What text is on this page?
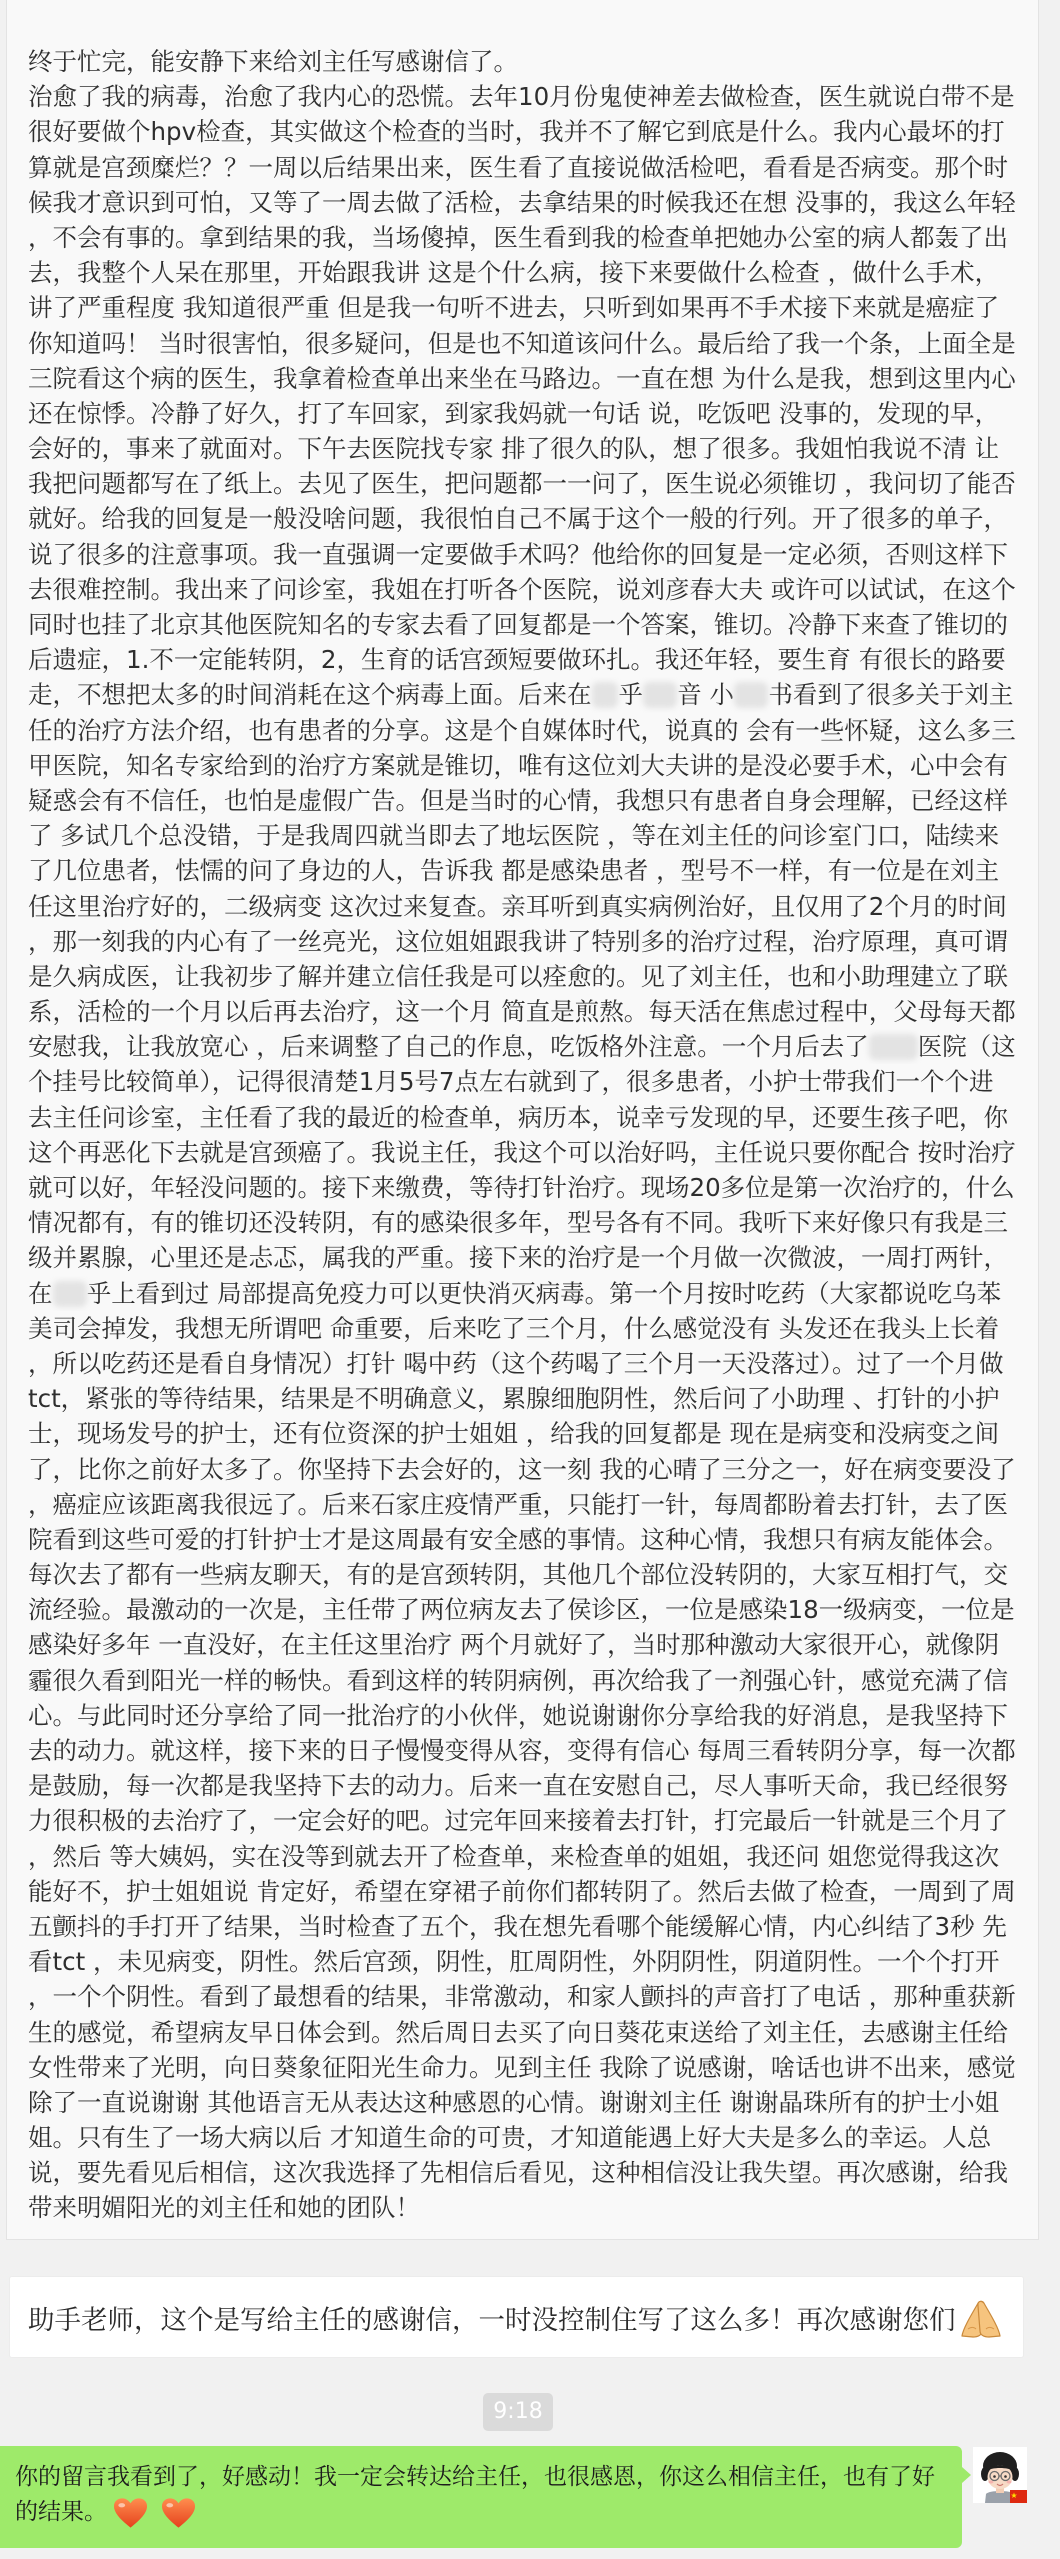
终于忙完，能安静下来给刘主任写感谢信了。
治愈了我的病毒，治愈了我内心的恐慌。去年10月份鬼使神差去做检查，医生就说白带不是
很好要做个hpv检查，其实做这个检查的当时，我并不了解它到底是什么。我内心最坏的打
算就是宫颈糜烂？？一周以后结果出来，医生看了直接说做活检吧，看看是否病变。那个时
候我才意识到可怕，又等了一周去做了活检，去拿结果的时候我还在想 没事的，我这么年轻
，不会有事的。拿到结果的我，当场傻掉，医生看到我的检查单把她办公室的病人都轰了出
去，我整个人呆在那里，开始跟我讲 这是个什么病，接下来要做什么检查 ，做什么手术，
讲了严重程度 我知道很严重 但是我一句听不进去，只听到如果再不手术接下来就是癌症了
你知道吗！ 当时很害怕，很多疑问，但是也不知道该问什么。最后给了我一个条，上面全是
三院看这个病的医生，我拿着检查单出来坐在马路边。一直在想 为什么是我，想到这里内心
还在惊悸。冷静了好久，打了车回家，到家我妈就一句话 说，吃饭吧 没事的，发现的早，
会好的，事来了就面对。下午去医院找专家 排了很久的队，想了很多。我姐怕我说不清 让
我把问题都写在了纸上。去见了医生，把问题都一一问了，医生说必须锥切 ，我问切了能否
就好。给我的回复是一般没啥问题，我很怕自己不属于这个一般的行列。开了很多的单子，
说了很多的注意事项。我一直强调一定要做手术吗？他给你的回复是一定必须，否则这样下
去很难控制。我出来了问诊室，我姐在打听各个医院，说刘彦春大夫 或许可以试试，在这个
同时也挂了北京其他医院知名的专家去看了回复都是一个答案，锥切。冷静下来查了锥切的
后遗症，1.不一定能转阴，2，生育的话宫颈短要做环扎。我还年轻，要生育 有很长的路要
走，不想把太多的时间消耗在这个病毒上面。后来在 乎 音 小 书看到了很多关于刘主
任的治疗方法介绍，也有患者的分享。这是个自媒体时代，说真的 会有一些怀疑，这么多三
甲医院，知名专家给到的治疗方案就是锥切，唯有这位刘大夫讲的是没必要手术，心中会有
疑惑会有不信任，也怕是虚假广告。但是当时的心情，我想只有患者自身会理解，已经这样
了 多试几个总没错，于是我周四就当即去了地坛医院 ，等在刘主任的问诊室门口，陆续来
了几位患者，怯懦的问了身边的人，告诉我 都是感染患者 ，型号不一样，有一位是在刘主
任这里治疗好的，二级病变 这次过来复查。亲耳听到真实病例治好，且仅用了2个月的时间
，那一刻我的内心有了一丝亮光，这位姐姐跟我讲了特别多的治疗过程，治疗原理，真可谓
是久病成医，让我初步了解并建立信任我是可以痊愈的。见了刘主任，也和小助理建立了联
系，活检的一个月以后再去治疗，这一个月 简直是煎熬。每天活在焦虑过程中，父母每天都
安慰我，让我放宽心 ，后来调整了自己的作息，吃饭格外注意。一个月后去了 医院（这
个挂号比较简单），记得很清楚1月5号7点左右就到了，很多患者，小护士带我们一个个进
去主任问诊室，主任看了我的最近的检查单，病历本，说幸亏发现的早，还要生孩子吧，你
这个再恶化下去就是宫颈癌了。我说主任，我这个可以治好吗，主任说只要你配合 按时治疗
就可以好，年轻没问题的。接下来缴费，等待打针治疗。现场20多位是第一次治疗的，什么
情况都有，有的锥切还没转阴，有的感染很多年，型号各有不同。我听下来好像只有我是三
级并累腺，心里还是忐忑，属我的严重。接下来的治疗是一个月做一次微波，一周打两针，
在 乎上看到过 局部提高免疫力可以更快消灭病毒。第一个月按时吃药（大家都说吃乌苯
美司会掉发，我想无所谓吧 命重要，后来吃了三个月，什么感觉没有 头发还在我头上长着
，所以吃药还是看自身情况）打针 喝中药（这个药喝了三个月一天没落过）。过了一个月做
tct，紧张的等待结果，结果是不明确意义，累腺细胞阴性，然后问了小助理 、打针的小护
士，现场发号的护士，还有位资深的护士姐姐 ，给我的回复都是 现在是病变和没病变之间
了，比你之前好太多了。你坚持下去会好的，这一刻 我的心晴了三分之一，好在病变要没了
，癌症应该距离我很远了。后来石家庄疫情严重，只能打一针，每周都盼着去打针，去了医
院看到这些可爱的打针护士才是这周最有安全感的事情。这种心情，我想只有病友能体会。
每次去了都有一些病友聊天，有的是宫颈转阴，其他几个部位没转阴的，大家互相打气，交
流经验。最激动的一次是，主任带了两位病友去了侯诊区，一位是感染18一级病变，一位是
感染好多年 一直没好，在主任这里治疗 两个月就好了，当时那种激动大家很开心，就像阴
霾很久看到阳光一样的畅快。看到这样的转阴病例，再次给我了一剂强心针，感觉充满了信
心。与此同时还分享给了同一批治疗的小伙伴，她说谢谢你分享给我的好消息，是我坚持下
去的动力。就这样，接下来的日子慢慢变得从容，变得有信心 每周三看转阴分享，每一次都
是鼓励，每一次都是我坚持下去的动力。后来一直在安慰自己，尽人事听天命，我已经很努
力很积极的去治疗了，一定会好的吧。过完年回来接着去打针，打完最后一针就是三个月了
，然后 等大姨妈，实在没等到就去开了检查单，来检查单的姐姐，我还问 姐您觉得我这次
能好不，护士姐姐说 肯定好，希望在穿裙子前你们都转阴了。然后去做了检查，一周到了周
五颤抖的手打开了结果，当时检查了五个，我在想先看哪个能缓解心情，内心纠结了3秒 先
看tct ，未见病变，阴性。然后宫颈，阴性，肛周阴性，外阴阴性，阴道阴性。一个个打开
，一个个阴性。看到了最想看的结果，非常激动，和家人颤抖的声音打了电话 ，那种重获新
生的感觉，希望病友早日体会到。然后周日去买了向日葵花束送给了刘主任，去感谢主任给
女性带来了光明，向日葵象征阳光生命力。见到主任 我除了说感谢，啥话也讲不出来，感觉
除了一直说谢谢 其他语言无从表达这种感恩的心情。谢谢刘主任 谢谢晶珠所有的护士小姐
姐。只有生了一场大病以后 才知道生命的可贵，才知道能遇上好大夫是多么的幸运。人总
说，要先看见后相信，这次我选择了先相信后看见，这种相信没让我失望。再次感谢，给我
带来明媚阳光的刘主任和她的团队！
助手老师，这个是写给主任的感谢信，一时没控制住写了这么多！再次感谢您们
9:18
你的留言我看到了，好感动！我一定会转达给主任，也很感恩，你这么相信主任，也有了好
的结果。
